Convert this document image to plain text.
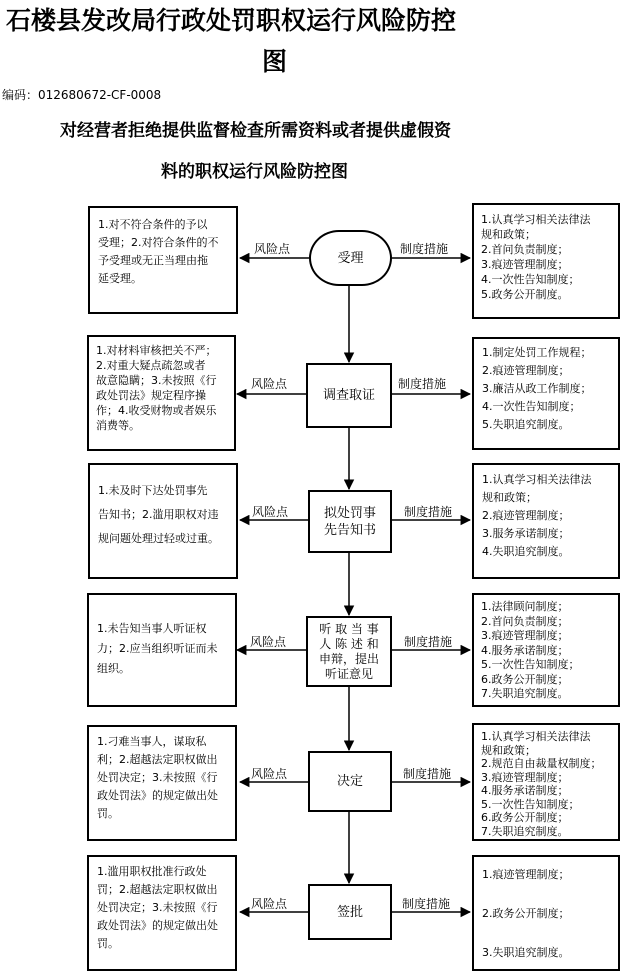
石楼县发改局行政处罚职权运行风险防控
图
编码：012680672-CF-0008
对经营者拒绝提供监督检查所需资料或者提供虚假资
料的职权运行风险防控图
1.对不符合条件的予以
受理；2.对符合条件的不
予受理或无正当理由拖
延受理。
风险点
受理
制度措施
1.认真学习相关法律法
规和政策；
2.首问负责制度；
3.痕迹管理制度；
4.一次性告知制度；
5.政务公开制度。
1.对材料审核把关不严；
2.对重大疑点疏忽或者
故意隐瞒；3.未按照《行
政处罚法》规定程序操
作；4.收受财物或者娱乐
消费等。
风险点
调查取证
制度措施
1.制定处罚工作规程；
2.痕迹管理制度；
3.廉洁从政工作制度；
4.一次性告知制度；
5.失职追究制度。
1.未及时下达处罚事先
告知书；2.滥用职权对违
规问题处理过轻或过重。
风险点	拟处罚事
先告知书
制度措施
1.认真学习相关法律法
规和政策；
2.痕迹管理制度；
3.服务承诺制度；
4.失职追究制度。
1.未告知当事人听证权
力；2.应当组织听证而未
组织。
风险点
听 取 当 事
人 陈 述 和
申辩，提出
听证意见
制度措施
1.法律顾问制度；
2.首问负责制度；
3.痕迹管理制度；
4.服务承诺制度；
5.一次性告知制度；
6.政务公开制度；
7.失职追究制度。
1.刁难当事人，谋取私
利；2.超越法定职权做出
处罚决定；3.未按照《行
政处罚法》的规定做出处
罚。
风险点	决定	制度措施
1.认真学习相关法律法
规和政策；
2.规范自由裁量权制度；
3.痕迹管理制度；
4.服务承诺制度；
5.一次性告知制度；
6.政务公开制度；
7.失职追究制度。
1.滥用职权批准行政处
罚；2.超越法定职权做出
处罚决定；3.未按照《行
政处罚法》的规定做出处
罚。
风险点
签批
制度措施
1.痕迹管理制度；

2.政务公开制度；

3.失职追究制度。
